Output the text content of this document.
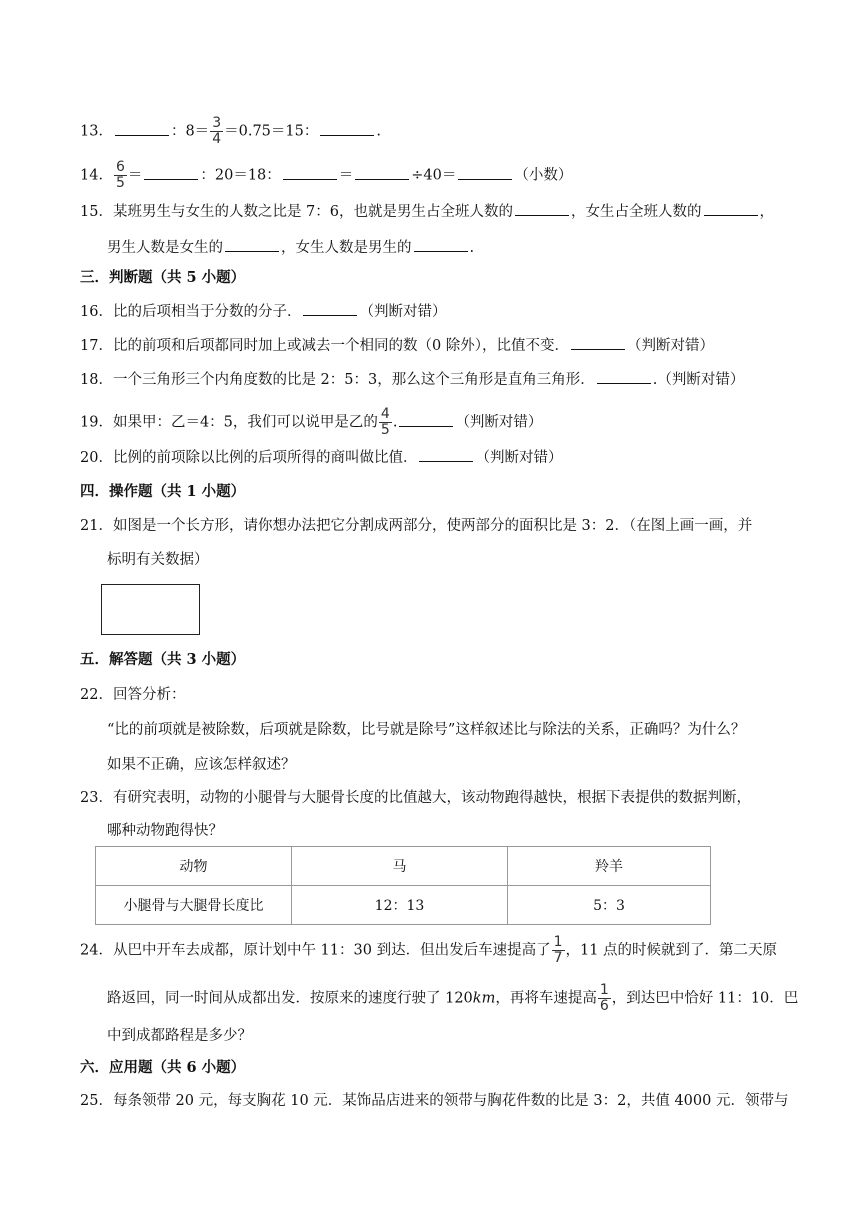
13．	：$8= \frac{3}{4} =0.75=15$：	.
14． $\frac{6}{5}$ ＝	：20＝18：	＝	÷40＝	（小数）
15．某班男生与女生的人数之比是 7：6，也就是男生占全班人数的	，女生占全班人数的	，
男生人数是女生的	，女生人数是男生的	.
三．判断题（共 5 小题）
16．比的后项相当于分数的分子．	（判断对错）
17．比的前项和后项都同时加上或减去一个相同的数（0 除外），比值不变．	（判断对错）
18．一个三角形三个内角度数的比是 2：5：3，那么这个三角形是直角三角形．	.（判断对错）
19．如果甲：乙＝4：5，我们可以说甲是乙的 $\frac{4}{5}$ .	（判断对错）
20．比例的前项除以比例的后项所得的商叫做比值．	（判断对错）
四．操作题（共 1 小题）
21．如图是一个长方形，请你想办法把它分割成两部分，使两部分的面积比是 3：2．（在图上画一画，并
标明有关数据）
五．解答题（共 3 小题）
22．回答分析：
“比的前项就是被除数，后项就是除数，比号就是除号”这样叙述比与除法的关系，正确吗？为什么？
如果不正确，应该怎样叙述？
23．有研究表明，动物的小腿骨与大腿骨长度的比值越大，该动物跑得越快，根据下表提供的数据判断，
哪种动物跑得快？
动物	马	羚羊
小腿骨与大腿骨长度比	12：13	5：3
24．从巴中开车去成都，原计划中午 11：30 到达．但出发后车速提高了 $\frac{1}{7}$ ，11 点的时候就到了．第二天原
路返回，同一时间从成都出发．按原来的速度行驶了 120km，再将车速提高 $\frac{1}{6}$ ，到达巴中恰好 11：10．巴
中到成都路程是多少？
六．应用题（共 6 小题）
25．每条领带 20 元，每支胸花 10 元．某饰品店进来的领带与胸花件数的比是 3：2，共值 4000 元．领带与
